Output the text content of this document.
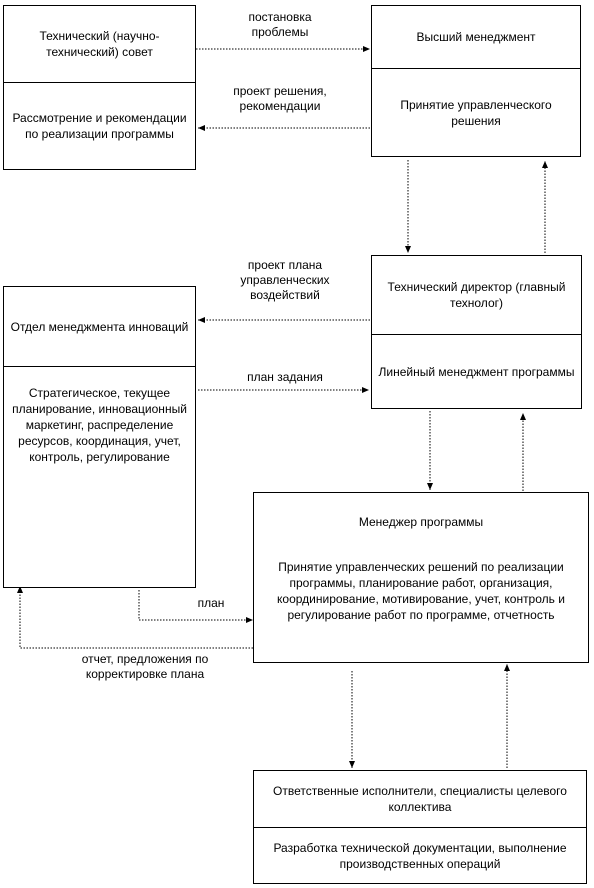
Технический (научно-технический) совет
Рассмотрение и рекомендации по реализации программы
Высший менеджмент
Принятие управленческого решения
Технический директор (главный технолог)
Линейный менеджмент программы
Отдел менеджмента инноваций
Стратегическое, текущее планирование, инновационный маркетинг, распределение ресурсов, координация, учет, контроль, регулирование
Менеджер программы
Принятие управленческих решений по реализации программы, планирование работ, организация, координирование, мотивирование, учет, контроль и регулирование работ по программе, отчетность
Ответственные исполнители, специалисты целевого коллектива
Разработка технической документации, выполнение производственных операций
постановка проблемы
проект решения, рекомендации
проект плана управленческих воздействий
план задания
план
отчет, предложения по корректировке плана
